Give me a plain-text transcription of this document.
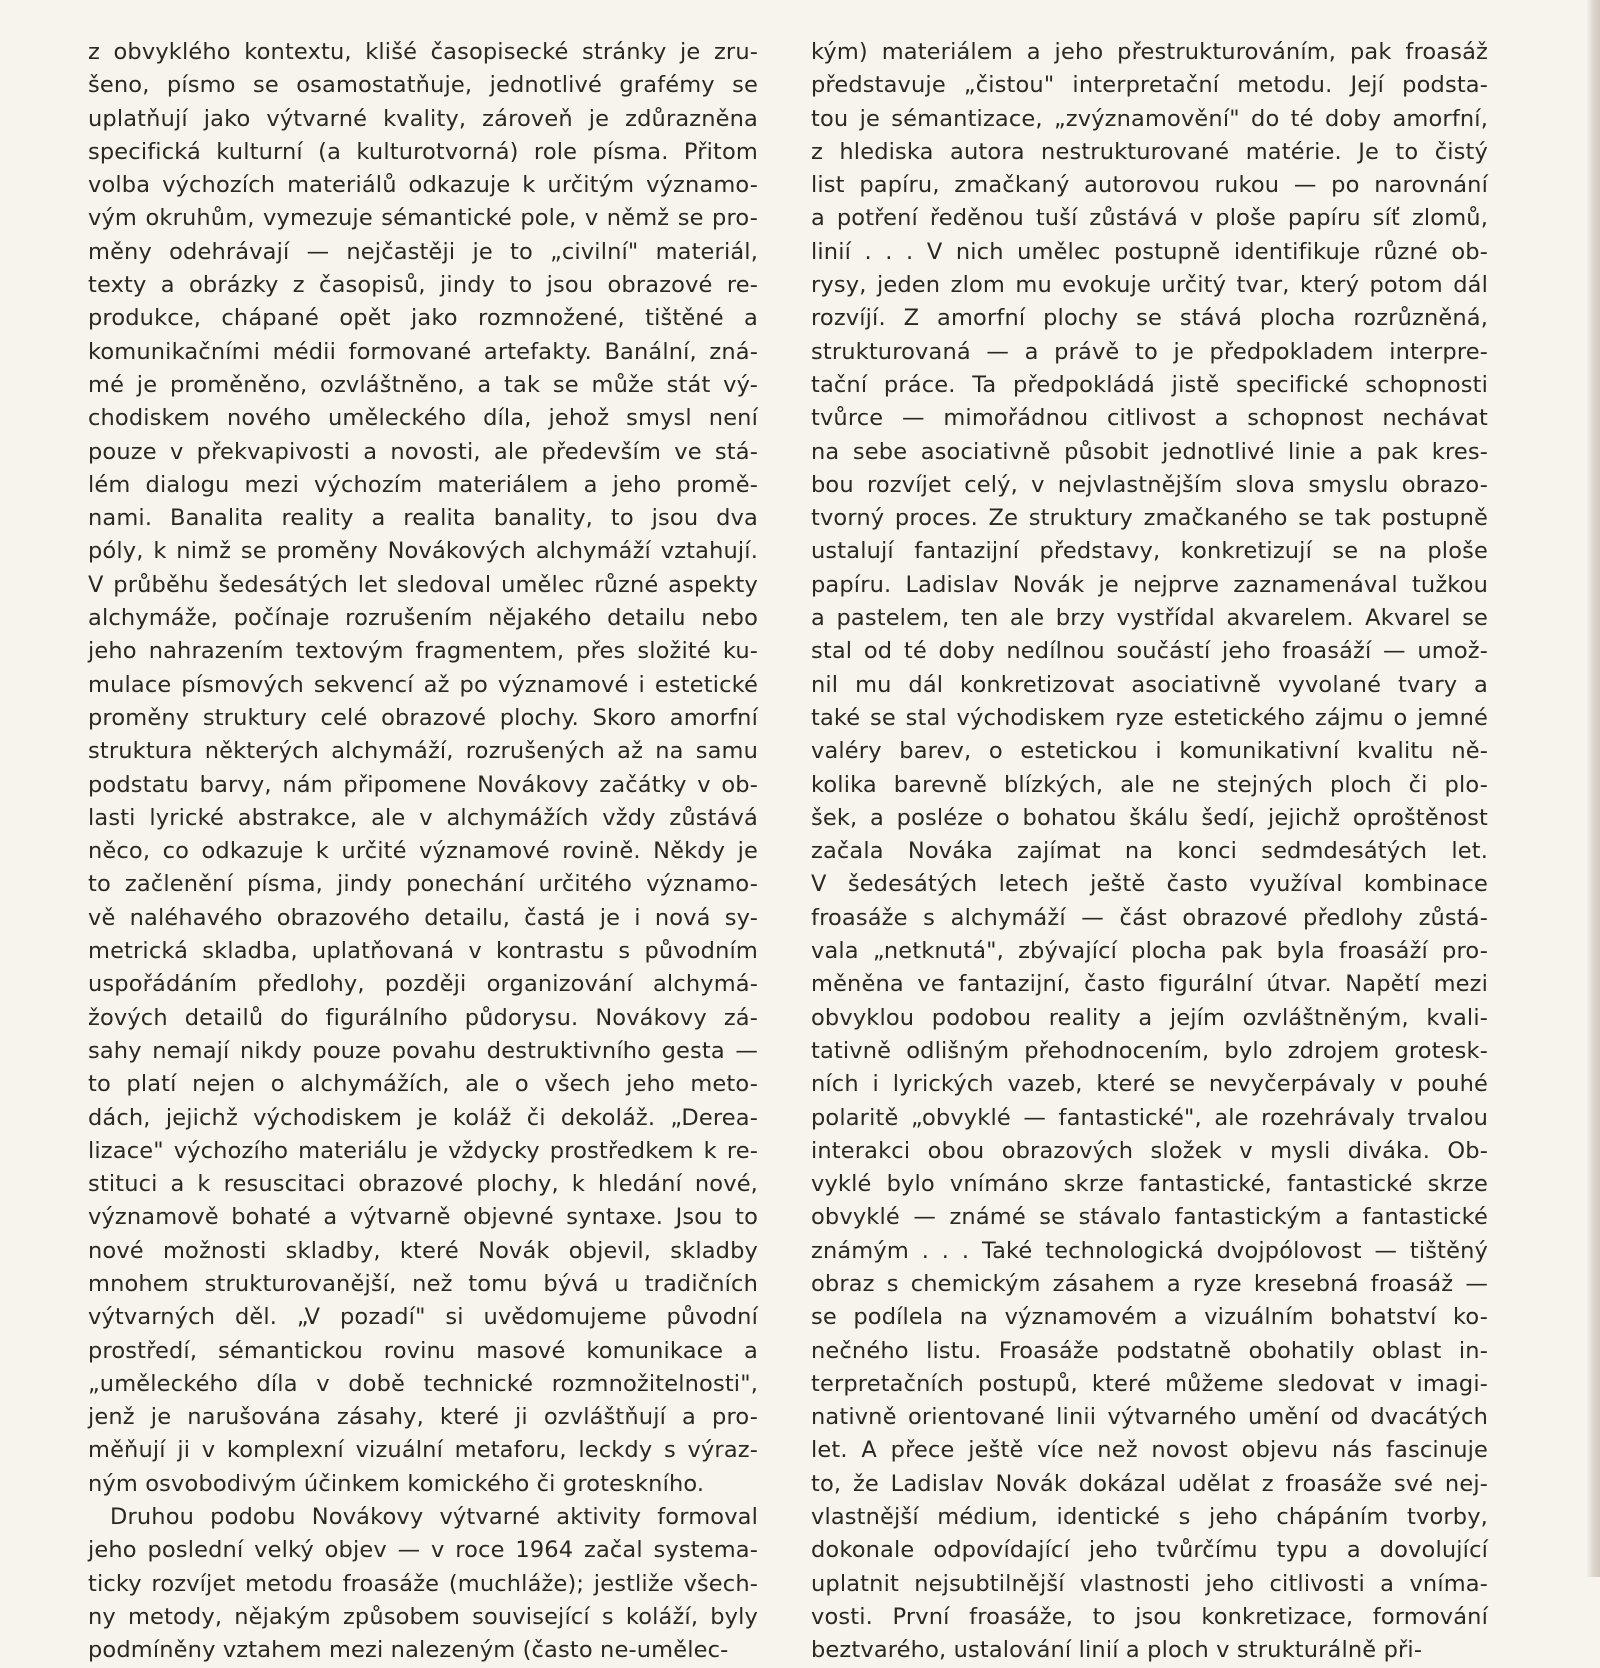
z obvyklého kontextu, klišé časopisecké stránky je zru-
šeno, písmo se osamostatňuje, jednotlivé grafémy se
uplatňují jako výtvarné kvality, zároveň je zdůrazněna
specifická kulturní (a kulturotvorná) role písma. Přitom
volba výchozích materiálů odkazuje k určitým významo-
vým okruhům, vymezuje sémantické pole, v němž se pro-
měny odehrávají — nejčastěji je to „civilní" materiál,
texty a obrázky z časopisů, jindy to jsou obrazové re-
produkce, chápané opět jako rozmnožené, tištěné a
komunikačními médii formované artefakty. Banální, zná-
mé je proměněno, ozvláštněno, a tak se může stát vý-
chodiskem nového uměleckého díla, jehož smysl není
pouze v překvapivosti a novosti, ale především ve stá-
lém dialogu mezi výchozím materiálem a jeho promě-
nami. Banalita reality a realita banality, to jsou dva
póly, k nimž se proměny Novákových alchymáží vztahují.
V průběhu šedesátých let sledoval umělec různé aspekty
alchymáže, počínaje rozrušením nějakého detailu nebo
jeho nahrazením textovým fragmentem, přes složité ku-
mulace písmových sekvencí až po významové i estetické
proměny struktury celé obrazové plochy. Skoro amorfní
struktura některých alchymáží, rozrušených až na samu
podstatu barvy, nám připomene Novákovy začátky v ob-
lasti lyrické abstrakce, ale v alchymážích vždy zůstává
něco, co odkazuje k určité významové rovině. Někdy je
to začlenění písma, jindy ponechání určitého významo-
vě naléhavého obrazového detailu, častá je i nová sy-
metrická skladba, uplatňovaná v kontrastu s původním
uspořádáním předlohy, později organizování alchymá-
žových detailů do figurálního půdorysu. Novákovy zá-
sahy nemají nikdy pouze povahu destruktivního gesta —
to platí nejen o alchymážích, ale o všech jeho meto-
dách, jejichž východiskem je koláž či dekoláž. „Derea-
lizace" výchozího materiálu je vždycky prostředkem k re-
stituci a k resuscitaci obrazové plochy, k hledání nové,
významově bohaté a výtvarně objevné syntaxe. Jsou to
nové možnosti skladby, které Novák objevil, skladby
mnohem strukturovanější, než tomu bývá u tradičních
výtvarných děl. „V pozadí" si uvědomujeme původní
prostředí, sémantickou rovinu masové komunikace a
„uměleckého díla v době technické rozmnožitelnosti",
jenž je narušována zásahy, které ji ozvláštňují a pro-
měňují ji v komplexní vizuální metaforu, leckdy s výraz-
ným osvobodivým účinkem komického či groteskního.
Druhou podobu Novákovy výtvarné aktivity formoval
jeho poslední velký objev — v roce 1964 začal systema-
ticky rozvíjet metodu froasáže (muchláže); jestliže všech-
ny metody, nějakým způsobem související s koláží, byly
podmíněny vztahem mezi nalezeným (často ne-umělec-
kým) materiálem a jeho přestrukturováním, pak froasáž
představuje „čistou" interpretační metodu. Její podsta-
tou je sémantizace, „zvýznamovění" do té doby amorfní,
z hlediska autora nestrukturované matérie. Je to čistý
list papíru, zmačkaný autorovou rukou — po narovnání
a potření ředěnou tuší zůstává v ploše papíru síť zlomů,
linií . . . V nich umělec postupně identifikuje různé ob-
rysy, jeden zlom mu evokuje určitý tvar, který potom dál
rozvíjí. Z amorfní plochy se stává plocha rozrůzněná,
strukturovaná — a právě to je předpokladem interpre-
tační práce. Ta předpokládá jistě specifické schopnosti
tvůrce — mimořádnou citlivost a schopnost nechávat
na sebe asociativně působit jednotlivé linie a pak kres-
bou rozvíjet celý, v nejvlastnějším slova smyslu obrazo-
tvorný proces. Ze struktury zmačkaného se tak postupně
ustalují fantazijní představy, konkretizují se na ploše
papíru. Ladislav Novák je nejprve zaznamenával tužkou
a pastelem, ten ale brzy vystřídal akvarelem. Akvarel se
stal od té doby nedílnou součástí jeho froasáží — umož-
nil mu dál konkretizovat asociativně vyvolané tvary a
také se stal východiskem ryze estetického zájmu o jemné
valéry barev, o estetickou i komunikativní kvalitu ně-
kolika barevně blízkých, ale ne stejných ploch či plo-
šek, a posléze o bohatou škálu šedí, jejichž oproštěnost
začala Nováka zajímat na konci sedmdesátých let.
V šedesátých letech ještě často využíval kombinace
froasáže s alchymáží — část obrazové předlohy zůstá-
vala „netknutá", zbývající plocha pak byla froasáží pro-
měněna ve fantazijní, často figurální útvar. Napětí mezi
obvyklou podobou reality a jejím ozvláštněným, kvali-
tativně odlišným přehodnocením, bylo zdrojem grotesk-
ních i lyrických vazeb, které se nevyčerpávaly v pouhé
polaritě „obvyklé — fantastické", ale rozehrávaly trvalou
interakci obou obrazových složek v mysli diváka. Ob-
vyklé bylo vnímáno skrze fantastické, fantastické skrze
obvyklé — známé se stávalo fantastickým a fantastické
známým . . . Také technologická dvojpólovost — tištěný
obraz s chemickým zásahem a ryze kresebná froasáž —
se podílela na významovém a vizuálním bohatství ko-
nečného listu. Froasáže podstatně obohatily oblast in-
terpretačních postupů, které můžeme sledovat v imagi-
nativně orientované linii výtvarného umění od dvacátých
let. A přece ještě více než novost objevu nás fascinuje
to, že Ladislav Novák dokázal udělat z froasáže své nej-
vlastnější médium, identické s jeho chápáním tvorby,
dokonale odpovídající jeho tvůrčímu typu a dovolující
uplatnit nejsubtilnější vlastnosti jeho citlivosti a vníma-
vosti. První froasáže, to jsou konkretizace, formování
beztvarého, ustalování linií a ploch v strukturálně při-
